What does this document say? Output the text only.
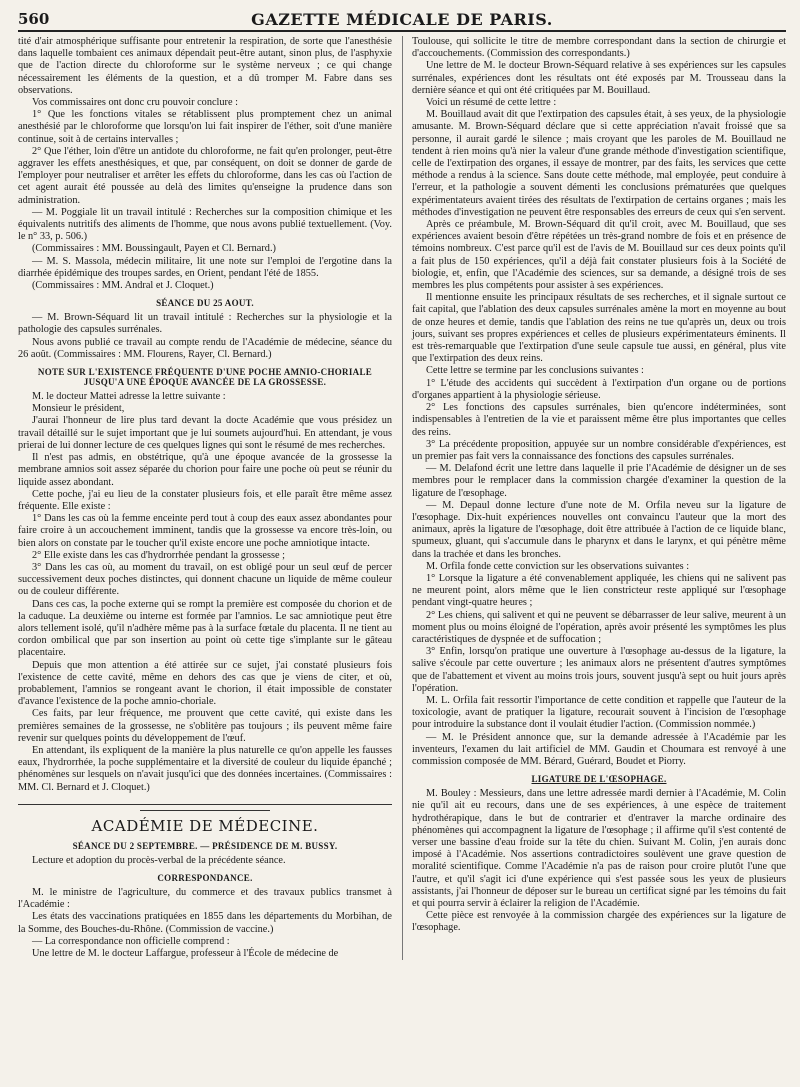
560	GAZETTE MÉDICALE DE PARIS.

tité d'air atmosphérique suffisante pour entretenir la respiration, de sorte que l'anesthésie dans laquelle tombaient ces animaux dépendait peut-être autant, sinon plus, de l'asphyxie que de l'action directe du chloroforme sur le système nerveux ; ce qui change nécessairement les éléments de la question, et a dû tromper M. Fabre dans ses observations.

Vos commissaires ont donc cru pouvoir conclure :

1° Que les fonctions vitales se rétablissent plus promptement chez un animal anesthésié par le chloroforme que lorsqu'on lui fait inspirer de l'éther, soit d'une manière continue, soit à de certains intervalles ;

2° Que l'éther, loin d'être un antidote du chloroforme, ne fait qu'en prolonger, peut-être aggraver les effets anesthésiques, et que, par conséquent, on doit se donner de garde de l'employer pour neutraliser et arrêter les effets du chloroforme, dans les cas où l'action de cet agent aurait été poussée au delà des limites qu'enseigne la prudence dans son administration.

— M. Poggiale lit un travail intitulé : Recherches sur la composition chimique et les équivalents nutritifs des aliments de l'homme, que nous avons publié textuellement. (Voy. le n° 33, p. 506.)

(Commissaires : MM. Boussingault, Payen et Cl. Bernard.)

— M. S. Massola, médecin militaire, lit une note sur l'emploi de l'ergotine dans la diarrhée épidémique des troupes sardes, en Orient, pendant l'été de 1855.

(Commissaires : MM. Andral et J. Cloquet.)

SÉANCE DU 25 AOUT.

— M. Brown-Séquard lit un travail intitulé : Recherches sur la physiologie et la pathologie des capsules surrénales.

Nous avons publié ce travail au compte rendu de l'Académie de médecine, séance du 26 août. (Commissaires : MM. Flourens, Rayer, Cl. Bernard.)

NOTE SUR L'EXISTENCE FRÉQUENTE D'UNE POCHE AMNIO-CHORIALE JUSQU'A UNE ÉPOQUE AVANCÉE DE LA GROSSESSE.

M. le docteur Mattei adresse la lettre suivante :

Monsieur le président,

J'aurai l'honneur de lire plus tard devant la docte Académie que vous présidez un travail détaillé sur le sujet important que je lui soumets aujourd'hui. En attendant, je vous prierai de lui donner lecture de ces quelques lignes qui sont le résumé de mes recherches.

Il n'est pas admis, en obstétrique, qu'à une époque avancée de la grossesse la membrane amnios soit assez séparée du chorion pour faire une poche où peut se réunir du liquide assez abondant.

Cette poche, j'ai eu lieu de la constater plusieurs fois, et elle paraît être même assez fréquente. Elle existe :

1° Dans les cas où la femme enceinte perd tout à coup des eaux assez abondantes pour faire croire à un accouchement imminent, tandis que la grossesse va encore très-loin, ou bien alors on constate par le toucher qu'il existe encore une poche amniotique intacte.

2° Elle existe dans les cas d'hydrorrhée pendant la grossesse ;

3° Dans les cas où, au moment du travail, on est obligé pour un seul œuf de percer successivement deux poches distinctes, qui donnent chacune un liquide de même couleur ou de couleur différente.

Dans ces cas, la poche externe qui se rompt la première est composée du chorion et de la caduque. La deuxième ou interne est formée par l'amnios. Le sac amniotique peut être alors tellement isolé, qu'il n'adhère même pas à la surface fœtale du placenta. Il ne tient au cordon ombilical que par son insertion au point où cette tige s'implante sur le gâteau placentaire.

Depuis que mon attention a été attirée sur ce sujet, j'ai constaté plusieurs fois l'existence de cette cavité, même en dehors des cas que je viens de citer, et où, probablement, l'amnios se rongeant avant le chorion, il était impossible de constater d'avance l'existence de la poche amnio-choriale.

Ces faits, par leur fréquence, me prouvent que cette cavité, qui existe dans les premières semaines de la grossesse, ne s'oblitère pas toujours ; ils peuvent même faire revenir sur quelques points du développement de l'œuf.

En attendant, ils expliquent de la manière la plus naturelle ce qu'on appelle les fausses eaux, l'hydrorrhée, la poche supplémentaire et la diversité de couleur du liquide épanché ; phénomènes sur lesquels on n'avait jusqu'ici que des données incertaines. (Commissaires : MM. Cl. Bernard et J. Cloquet.)

ACADÉMIE DE MÉDECINE.
SÉANCE DU 2 SEPTEMBRE. — PRÉSIDENCE DE M. BUSSY.

Lecture et adoption du procès-verbal de la précédente séance.

CORRESPONDANCE.

M. le ministre de l'agriculture, du commerce et des travaux publics transmet à l'Académie :

Les états des vaccinations pratiquées en 1855 dans les départements du Morbihan, de la Somme, des Bouches-du-Rhône. (Commission de vaccine.)

— La correspondance non officielle comprend :

Une lettre de M. le docteur Laffargue, professeur à l'École de médecine de

Toulouse, qui sollicite le titre de membre correspondant dans la section de chirurgie et d'accouchements. (Commission des correspondants.)

Une lettre de M. le docteur Brown-Séquard relative à ses expériences sur les capsules surrénales, expériences dont les résultats ont été exposés par M. Trousseau dans la dernière séance et qui ont été critiquées par M. Bouillaud.

Voici un résumé de cette lettre :

M. Bouillaud avait dit que l'extirpation des capsules était, à ses yeux, de la physiologie amusante. M. Brown-Séquard déclare que si cette appréciation n'avait froissé que sa personne, il aurait gardé le silence ; mais croyant que les paroles de M. Bouillaud ne tendent à rien moins qu'à nier la valeur d'une grande méthode d'investigation scientifique, celle de l'extirpation des organes, il essaye de montrer, par des faits, les services que cette méthode a rendus à la science. Sans doute cette méthode, mal employée, peut conduire à l'erreur, et la pathologie a souvent démenti les conclusions prématurées que quelques expérimentateurs avaient tirées des résultats de l'extirpation de certains organes ; mais les méthodes d'investigation ne peuvent être responsables des erreurs de ceux qui s'en servent.

Après ce préambule, M. Brown-Séquard dit qu'il croit, avec M. Bouillaud, que ses expériences avaient besoin d'être répétées un très-grand nombre de fois et en présence de témoins nombreux. C'est parce qu'il est de l'avis de M. Bouillaud sur ces deux points qu'il a fait plus de 150 expériences, qu'il a déjà fait constater plusieurs fois à la Société de biologie, et, enfin, que l'Académie des sciences, sur sa demande, a désigné trois de ses membres les plus compétents pour assister à ses expériences.

Il mentionne ensuite les principaux résultats de ses recherches, et il signale surtout ce fait capital, que l'ablation des deux capsules surrénales amène la mort en moyenne au bout de onze heures et demie, tandis que l'ablation des reins ne tue qu'après un, deux ou trois jours, suivant ses propres expériences et celles de plusieurs expérimentateurs éminents. Il est très-remarquable que l'extirpation d'une seule capsule tue aussi, en général, plus vite que l'extirpation des deux reins.

Cette lettre se termine par les conclusions suivantes :

1° L'étude des accidents qui succèdent à l'extirpation d'un organe ou de portions d'organes appartient à la physiologie sérieuse.

2° Les fonctions des capsules surrénales, bien qu'encore indéterminées, sont indispensables à l'entretien de la vie et paraissent même être plus importantes que celles des reins.

3° La précédente proposition, appuyée sur un nombre considérable d'expériences, est un premier pas fait vers la connaissance des fonctions des capsules surrénales.

— M. Delafond écrit une lettre dans laquelle il prie l'Académie de désigner un de ses membres pour le remplacer dans la commission chargée d'examiner la question de la ligature de l'œsophage.

— M. Depaul donne lecture d'une note de M. Orfila neveu sur la ligature de l'œsophage. Dix-huit expériences nouvelles ont convaincu l'auteur que la mort des animaux, après la ligature de l'œsophage, doit être attribuée à l'action de ce liquide blanc, spumeux, gluant, qui s'accumule dans le pharynx et dans le larynx, et qui pénètre même dans la trachée et dans les bronches.

M. Orfila fonde cette conviction sur les observations suivantes :

1° Lorsque la ligature a été convenablement appliquée, les chiens qui ne salivent pas ne meurent point, alors même que le lien constricteur reste appliqué sur l'œsophage pendant vingt-quatre heures ;

2° Les chiens, qui salivent et qui ne peuvent se débarrasser de leur salive, meurent à un moment plus ou moins éloigné de l'opération, après avoir présenté les symptômes les plus caractéristiques de dyspnée et de suffocation ;

3° Enfin, lorsqu'on pratique une ouverture à l'œsophage au-dessus de la ligature, la salive s'écoule par cette ouverture ; les animaux alors ne présentent d'autres symptômes que de l'abattement et vivent au moins trois jours, souvent jusqu'à sept ou huit jours après l'opération.

M. L. Orfila fait ressortir l'importance de cette condition et rappelle que l'auteur de la toxicologie, avant de pratiquer la ligature, recourait souvent à l'incision de l'œsophage pour introduire la substance dont il voulait étudier l'action. (Commission nommée.)

— M. le Président annonce que, sur la demande adressée à l'Académie par les inventeurs, l'examen du lait artificiel de MM. Gaudin et Choumara est renvoyé à une commission composée de MM. Bérard, Guérard, Boudet et Piorry.

LIGATURE DE L'ŒSOPHAGE.

M. Bouley : Messieurs, dans une lettre adressée mardi dernier à l'Académie, M. Colin nie qu'il ait eu recours, dans une de ses expériences, à une espèce de traitement hydrothérapique, dans le but de contrarier et d'entraver la marche ordinaire des phénomènes qui accompagnent la ligature de l'œsophage ; il affirme qu'il s'est contenté de verser une bassine d'eau froide sur la tête du chien. Suivant M. Colin, j'en aurais donc imposé à l'Académie. Nos assertions contradictoires soulèvent une grave question de moralité scientifique. Comme l'Académie n'a pas de raison pour croire plutôt l'une que l'autre, et qu'il s'agit ici d'une expérience qui s'est passée sous les yeux de plusieurs assistants, j'ai l'honneur de déposer sur le bureau un certificat signé par les témoins du fait et qui pourra servir à éclairer la religion de l'Académie.

Cette pièce est renvoyée à la commission chargée des expériences sur la ligature de l'œsophage.
